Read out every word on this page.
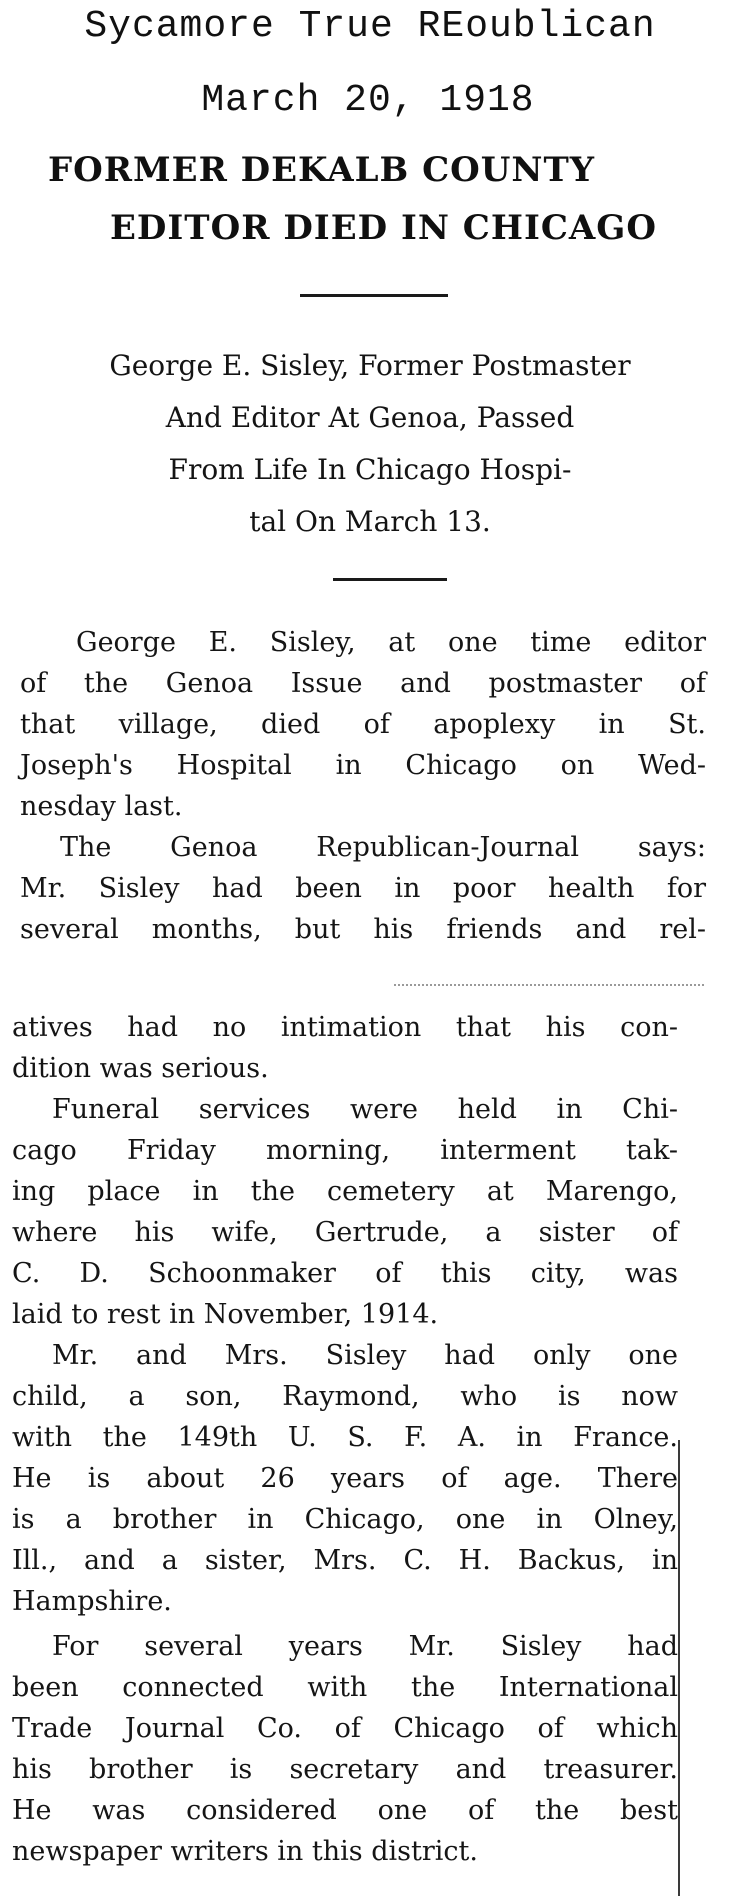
Sycamore True REoublican
March 20, 1918
FORMER DEKALB COUNTY
EDITOR DIED IN CHICAGO
George E. Sisley, Former Postmaster
And Editor At Genoa, Passed
From Life In Chicago Hospi-
tal On March 13.
George E. Sisley, at one time editor
of the Genoa Issue and postmaster of
that village, died of apoplexy in St.
Joseph's Hospital in Chicago on Wed-
nesday last.
The Genoa Republican-Journal says:
Mr. Sisley had been in poor health for
several months, but his friends and rel-
atives had no intimation that his con-
dition was serious.
Funeral services were held in Chi-
cago Friday morning, interment tak-
ing place in the cemetery at Marengo,
where his wife, Gertrude, a sister of
C. D. Schoonmaker of this city, was
laid to rest in November, 1914.
Mr. and Mrs. Sisley had only one
child, a son, Raymond, who is now
with the 149th U. S. F. A. in France.
He is about 26 years of age. There
is a brother in Chicago, one in Olney,
Ill., and a sister, Mrs. C. H. Backus, in
Hampshire.
For several years Mr. Sisley had
been connected with the International
Trade Journal Co. of Chicago of which
his brother is secretary and treasurer.
He was considered one of the best
newspaper writers in this district.
